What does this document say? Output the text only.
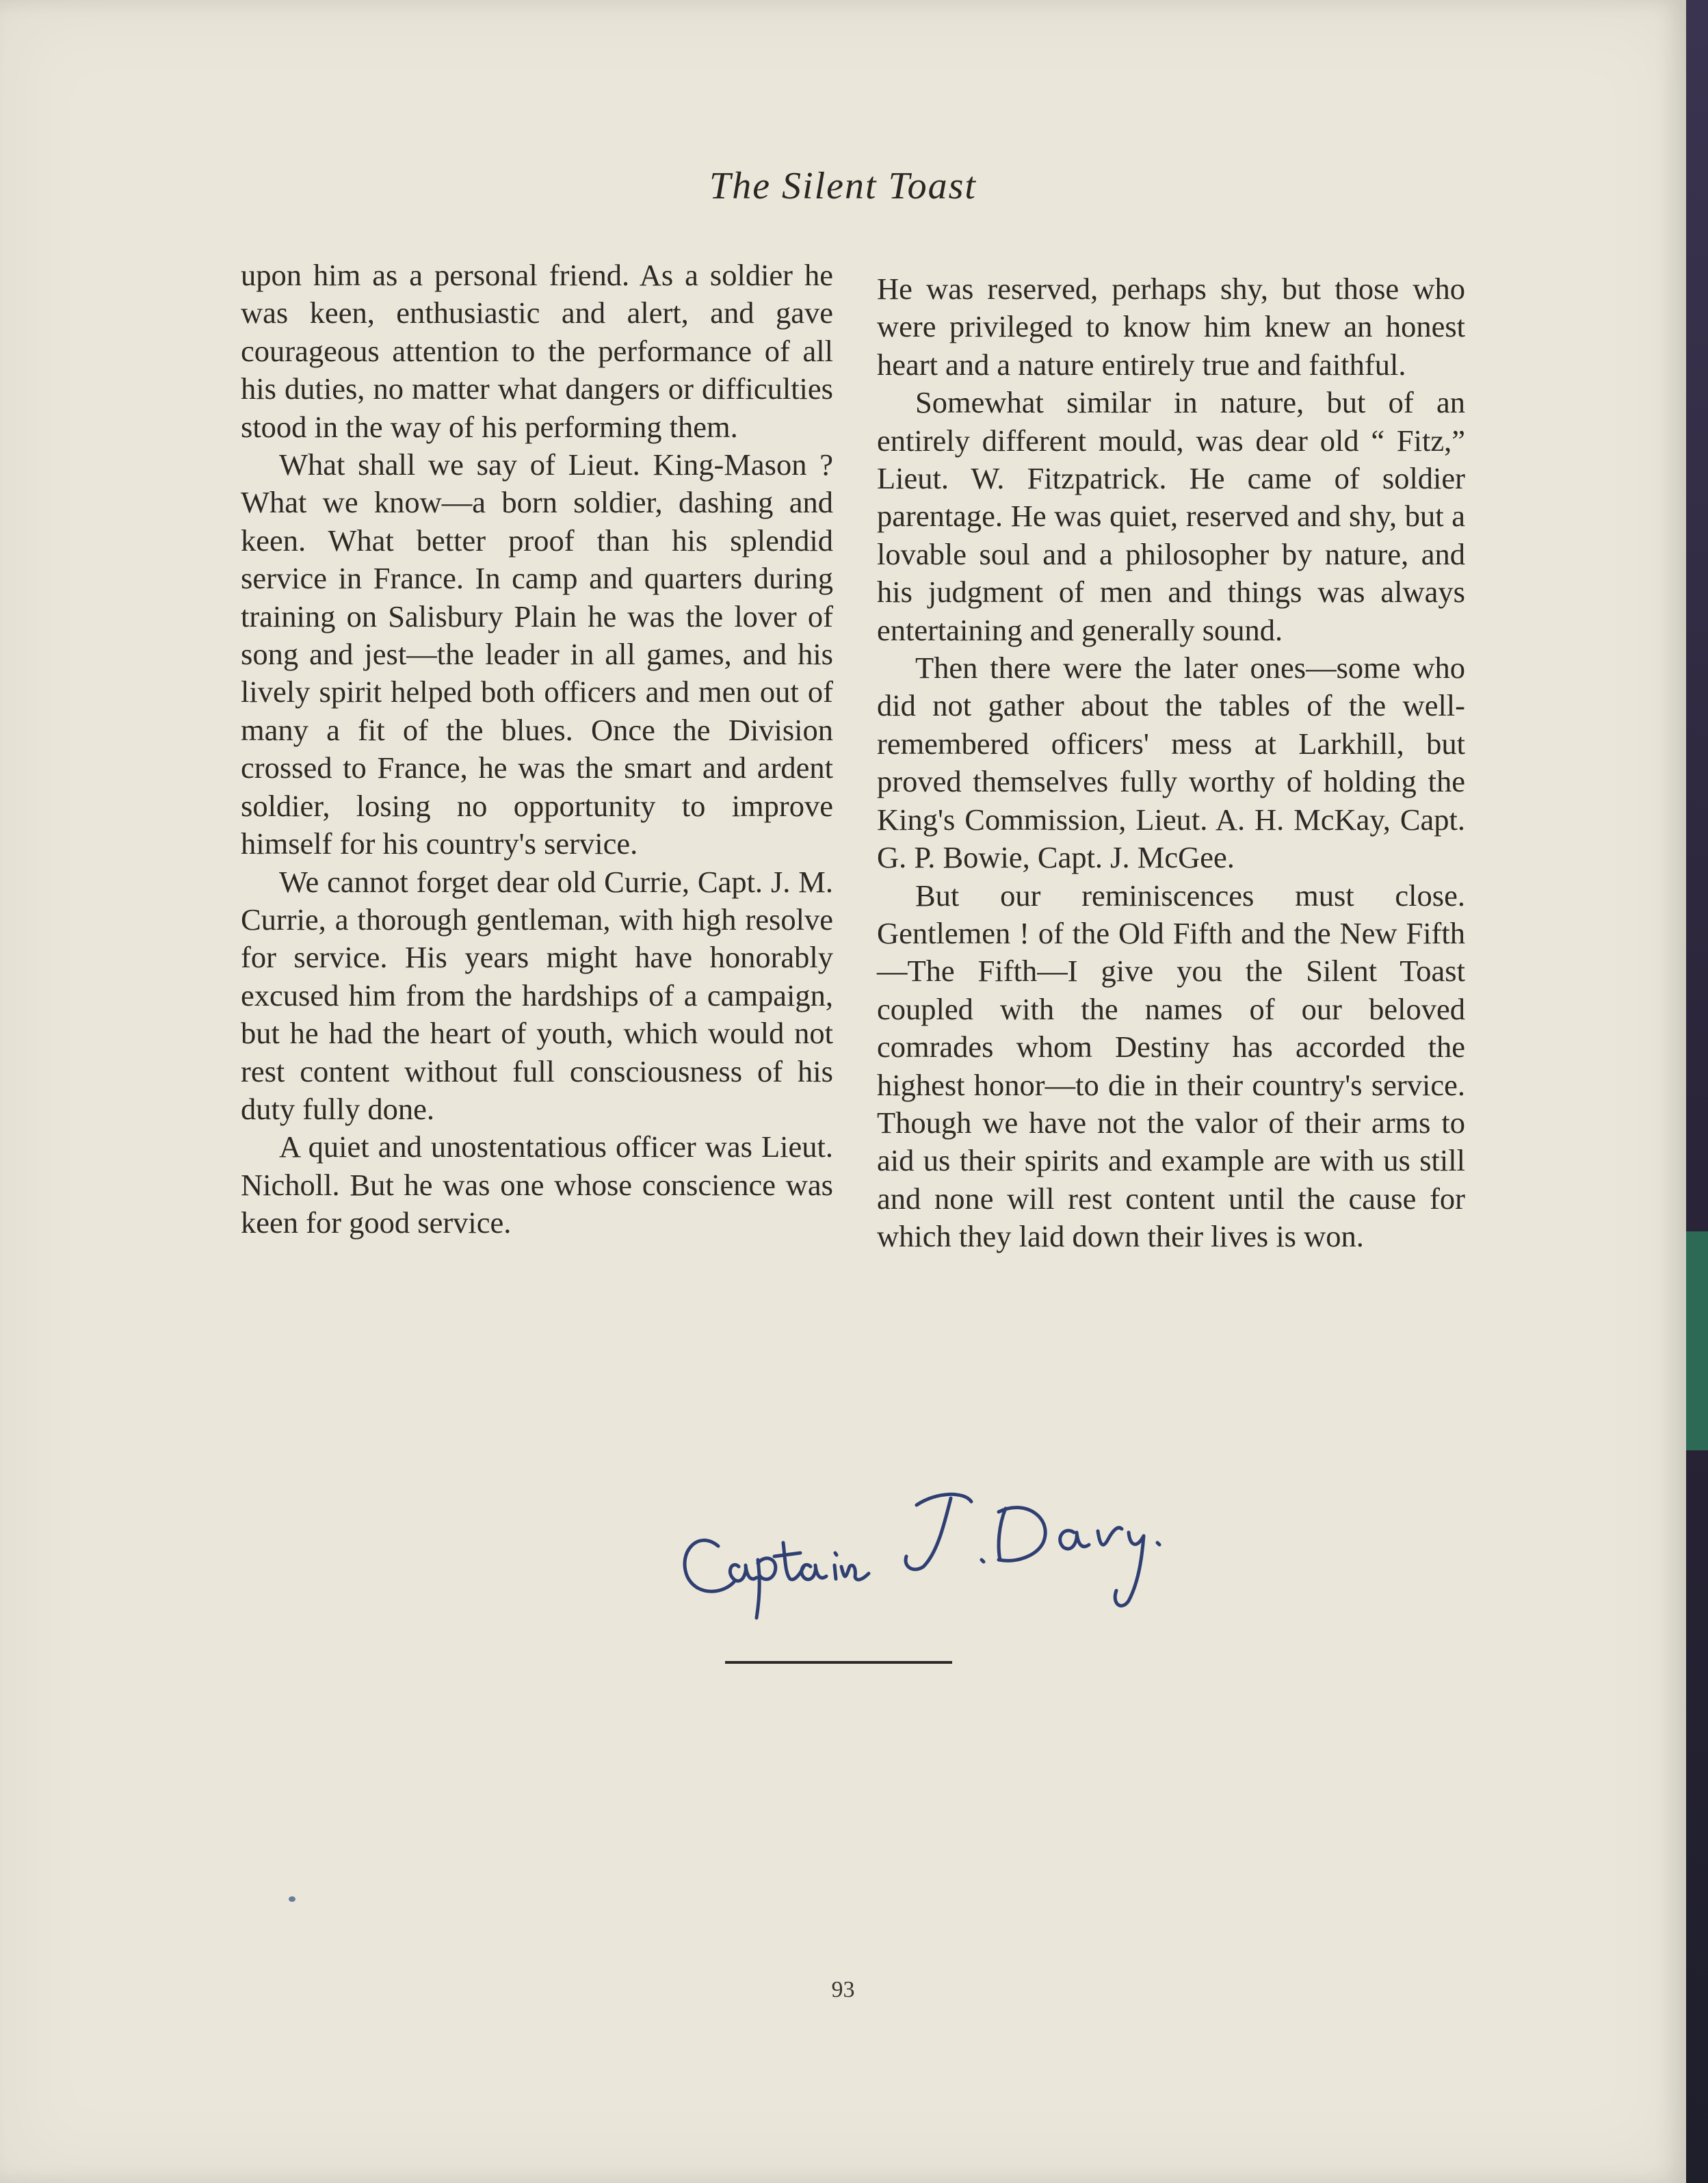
The Silent Toast

upon him as a personal friend. As a soldier he was keen, enthusiastic and alert, and gave courageous attention to the performance of all his duties, no matter what dangers or difficulties stood in the way of his performing them.

What shall we say of Lieut. King-Mason ? What we know—a born soldier, dashing and keen. What better proof than his splendid service in France. In camp and quarters during training on Salisbury Plain he was the lover of song and jest—the leader in all games, and his lively spirit helped both officers and men out of many a fit of the blues. Once the Division crossed to France, he was the smart and ardent soldier, losing no opportunity to improve himself for his country's service.

We cannot forget dear old Currie, Capt. J. M. Currie, a thorough gentleman, with high resolve for service. His years might have honorably excused him from the hardships of a campaign, but he had the heart of youth, which would not rest content without full consciousness of his duty fully done.

A quiet and unostentatious officer was Lieut. Nicholl. But he was one whose conscience was keen for good service.

He was reserved, perhaps shy, but those who were privileged to know him knew an honest heart and a nature entirely true and faithful.

Somewhat similar in nature, but of an entirely different mould, was dear old “ Fitz,” Lieut. W. Fitzpatrick. He came of soldier parentage. He was quiet, reserved and shy, but a lovable soul and a philosopher by nature, and his judgment of men and things was always entertaining and generally sound.

Then there were the later ones—some who did not gather about the tables of the well-remembered officers' mess at Larkhill, but proved themselves fully worthy of holding the King's Commission, Lieut. A. H. McKay, Capt. G. P. Bowie, Capt. J. McGee.

But our reminiscences must close. Gentlemen ! of the Old Fifth and the New Fifth—The Fifth—I give you the Silent Toast coupled with the names of our beloved comrades whom Destiny has accorded the highest honor—to die in their country's service. Though we have not the valor of their arms to aid us their spirits and example are with us still and none will rest content until the cause for which they laid down their lives is won.

93
